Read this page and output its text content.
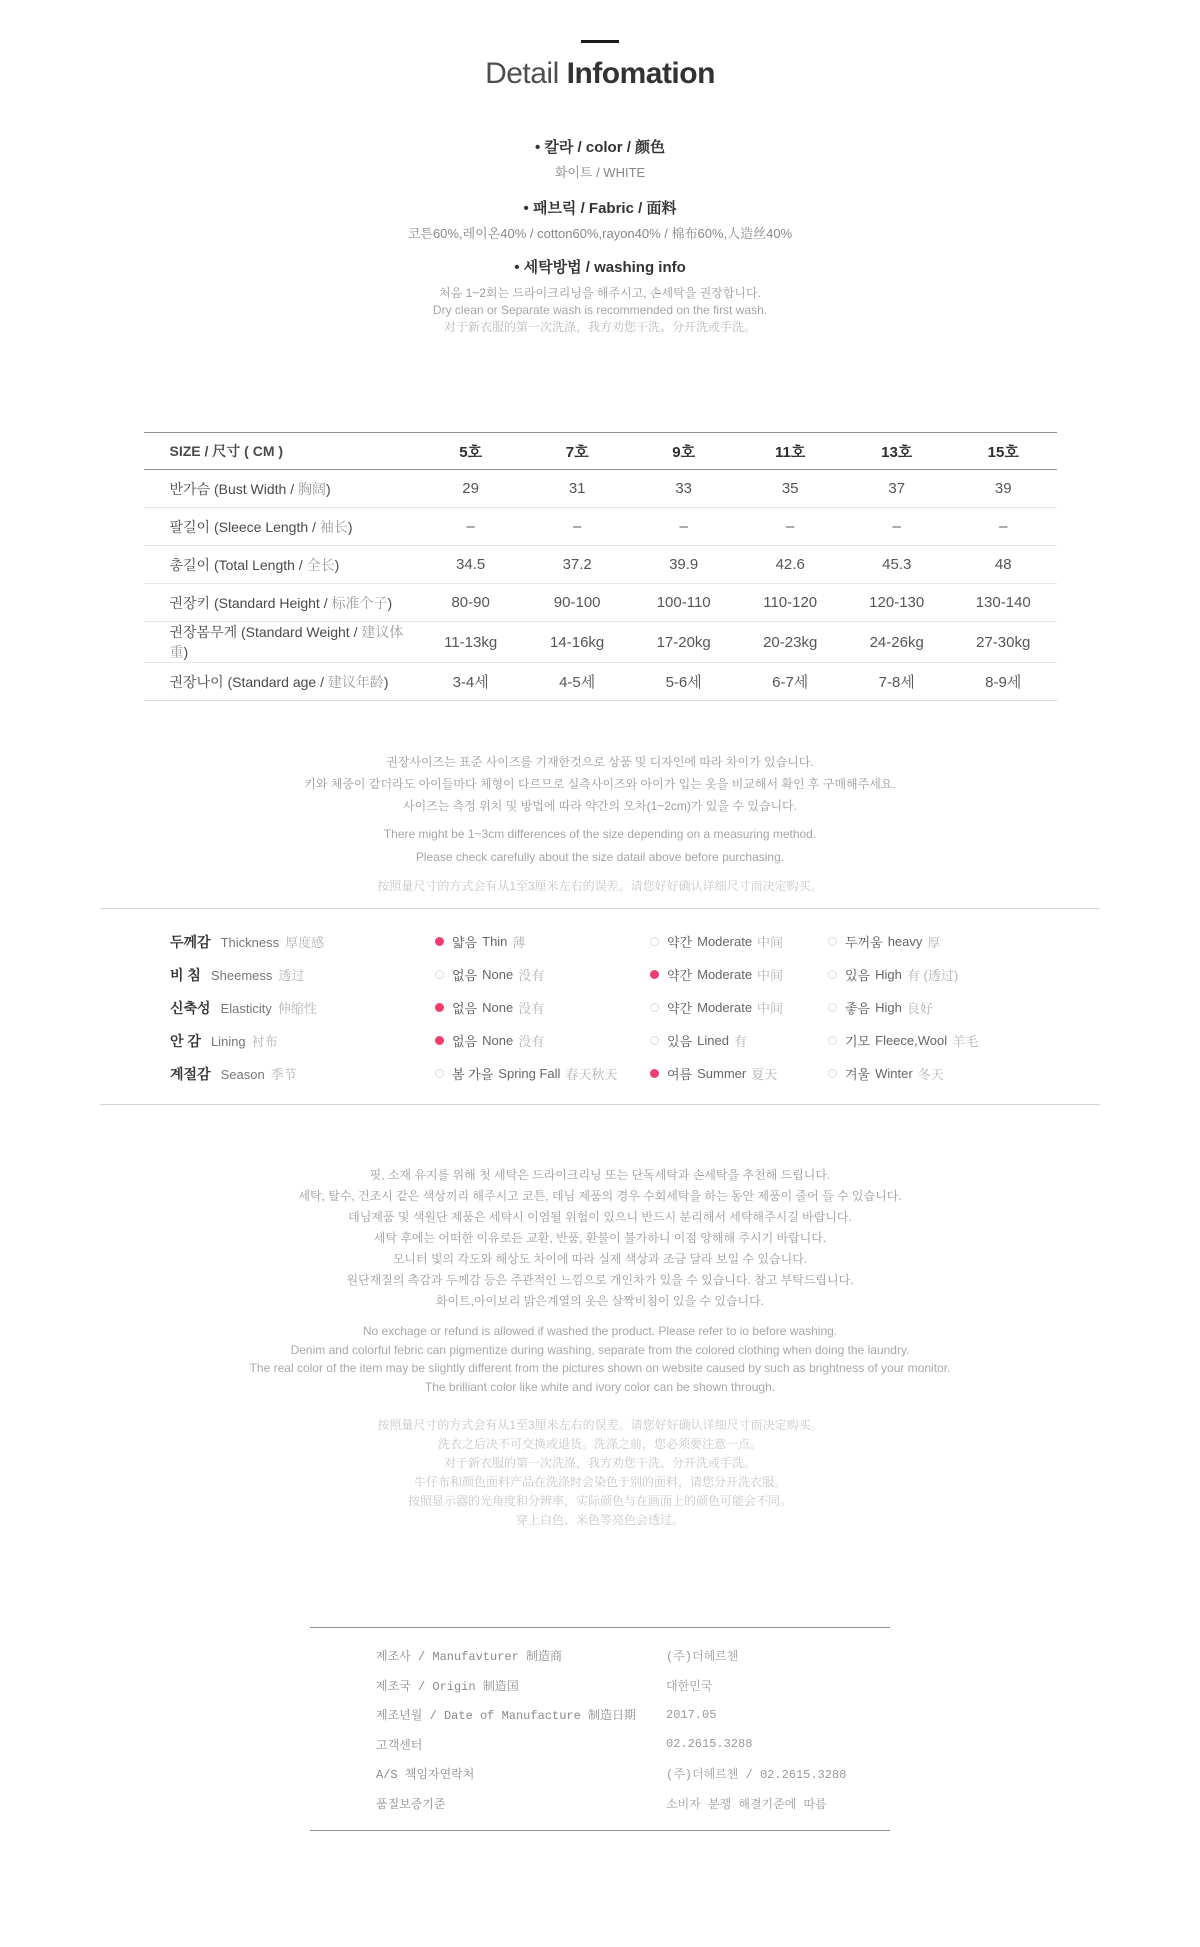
Detail Infomation
• 칼라 / color / 颜色
화이트 / WHITE
• 패브릭 / Fabric / 面料
코튼60%,레이온40% / cotton60%,rayon40% / 棉布60%,人造丝40%
• 세탁방법 / washing info
처음 1~2회는 드라이크리닝을 해주시고, 손세탁을 권장합니다.
Dry clean or Separate wash is recommended on the first wash.
对于新衣服的第一次洗涤，我方劝您干洗、分开洗或手洗。
SIZE / 尺寸 ( CM )	5호	7호	9호	11호	13호	15호
반가슴 (Bust Width / 胸阔)	29	31	33	35	37	39
팔길이 (Sleece Length / 袖长)	–	–	–	–	–	–
총길이 (Total Length / 全长)	34.5	37.2	39.9	42.6	45.3	48
권장키 (Standard Height / 标准个子)	80-90	90-100	100-110	110-120	120-130	130-140
권장몸무게 (Standard Weight / 建议体重)	11-13kg	14-16kg	17-20kg	20-23kg	24-26kg	27-30kg
권장나이 (Standard age / 建议年龄)	3-4세	4-5세	5-6세	6-7세	7-8세	8-9세
권장사이즈는 표준 사이즈를 기재한것으로 상품 및 디자인에 따라 차이가 있습니다.
키와 체중이 같더라도 아이들마다 체형이 다르므로 실측사이즈와 아이가 입는 옷을 비교해서 확인 후 구매해주세요.
사이즈는 측정 위치 및 방법에 따라 약간의 오차(1~2cm)가 있을 수 있습니다.
There might be 1~3cm differences of the size depending on a measuring method.
Please check carefully about the size datail above before purchasing.
按照量尺寸的方式会有从1至3厘米左右的误差。请您好好确认详细尺寸而决定购买。
두께감 Thickness 厚度感	얇음 Thin 薄	약간 Moderate 中间	두꺼움 heavy 厚
비 침 Sheemess 透过	없음 None 没有	약간 Moderate 中间	있음 High 有 (透过)
신축성 Elasticity 伸缩性	없음 None 没有	약간 Moderate 中间	좋음 High 良好
안 감 Lining 衬布	없음 None 没有	있음 Lined 有	기모 Fleece,Wool 羊毛
계절감 Season 季节	봄 가을 Spring Fall 春天秋天	여름 Summer 夏天	겨울 Winter 冬天
핏, 소재 유지를 위해 첫 세탁은 드라이크리닝 또는 단독세탁과 손세탁을 추천해 드립니다.
세탁, 탈수, 건조시 같은 색상끼리 해주시고 코튼, 데님 제품의 경우 수회세탁을 하는 동안 제품이 줄어 들 수 있습니다.
데님제품 및 색원단 제품은 세탁시 이염될 위험이 있으니 반드시 분리해서 세탁해주시길 바랍니다.
세탁 후에는 어떠한 이유로든 교환, 반품, 환불이 불가하니 이점 양해해 주시기 바랍니다.
모니터 빛의 각도와 해상도 차이에 따라 실제 색상과 조금 달라 보일 수 있습니다.
원단재질의 촉감과 두께감 등은 주관적인 느낌으로 개인차가 있을 수 있습니다. 참고 부탁드립니다.
화이트,아이보리 밝은계열의 옷은 살짝비침이 있을 수 있습니다.
No exchage or refund is allowed if washed the product. Please refer to io before washing.
Denim and colorful febric can pigmentize during washing, separate from the colored clothing when doing the laundry.
The real color of the item may be slightly different from the pictures shown on website caused by such as brightness of your monitor.
The brilliant color like white and ivory color can be shown through.
按照量尺寸的方式会有从1至3厘米左右的误差。请您好好确认详细尺寸而决定购买。
洗衣之后决不可交换或退货。洗涤之前，您必须要注意一点。
对于新衣服的第一次洗涤，我方劝您干洗、分开洗或手洗。
牛仔布和颜色面料产品在洗涤时会染色于别的面料，请您分开洗衣服。
按照显示器的光角度和分辨率，实际颜色与在画面上的颜色可能会不同。
穿上白色、米色等亮色会透过。
제조사 / Manufavturer 制造商	(주)더헤르첸
제조국 / Origin 制造国	대한민국
제조년월 / Date of Manufacture 制造日期	2017.05
고객센터	02.2615.3288
A/S 책임자연락처	(주)더헤르첸 / 02.2615.3288
품질보증기준	소비자 분쟁 해결기준에 따름
